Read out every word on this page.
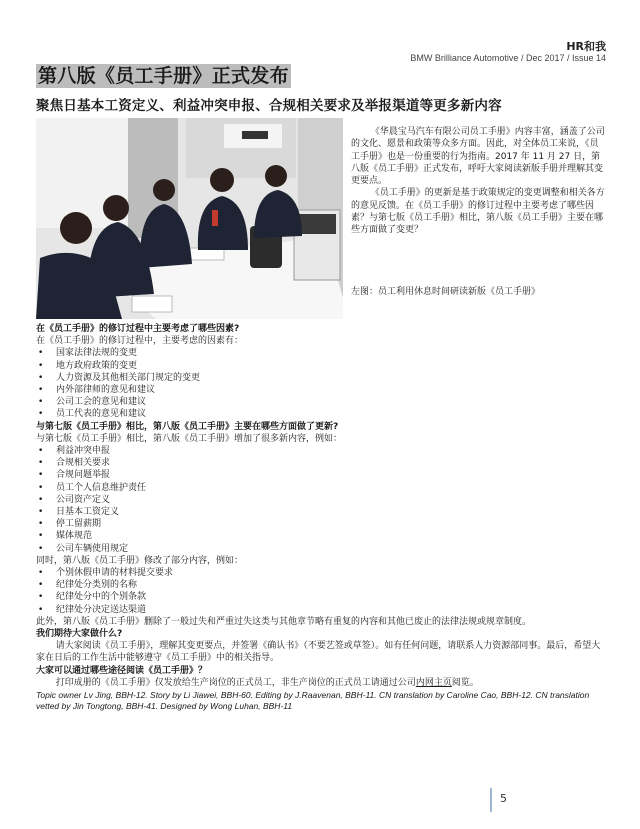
HR和我
BMW Brilliance Automotive / Dec 2017 / Issue 14
第八版《员工手册》正式发布
聚焦日基本工资定义、利益冲突申报、合规相关要求及举报渠道等更多新内容

《华晨宝马汽车有限公司员工手册》内容丰富，涵盖了公司的文化、愿景和政策等众多方面。因此，对全体员工来说，《员工手册》也是一份重要的行为指南。2017 年 11 月 27 日，第八版《员工手册》正式发布，呼吁大家阅读新版手册并理解其变更要点。

《员工手册》的更新是基于政策规定的变更调整和相关各方的意见反馈。在《员工手册》的修订过程中主要考虑了哪些因素？与第七版《员工手册》相比，第八版《员工手册》主要在哪些方面做了变更？

左图：员工利用休息时间研读新版《员工手册》
在《员工手册》的修订过程中主要考虑了哪些因素?
在《员工手册》的修订过程中，主要考虑的因素有：
• 国家法律法规的变更
• 地方政府政策的变更
• 人力资源及其他相关部门规定的变更
• 内外部律师的意见和建议
• 公司工会的意见和建议
• 员工代表的意见和建议
与第七版《员工手册》相比，第八版《员工手册》主要在哪些方面做了更新?
与第七版《员工手册》相比，第八版《员工手册》增加了很多新内容，例如：
• 利益冲突申报
• 合规相关要求
• 合规问题举报
• 员工个人信息维护责任
• 公司资产定义
• 日基本工资定义
• 停工留薪期
• 媒体规范
• 公司车辆使用规定
同时，第八版《员工手册》修改了部分内容，例如：
• 个别休假申请的材料提交要求
• 纪律处分类别的名称
• 纪律处分中的个别条款
• 纪律处分决定送达渠道
此外，第八版《员工手册》删除了一般过失和严重过失这类与其他章节略有重复的内容和其他已废止的法律法规或规章制度。
我们期待大家做什么?
请大家阅读《员工手册》，理解其变更要点，并签署《确认书》（不要艺签或草签）。如有任何问题，请联系人力资源部同事。最后，希望大家在日后的工作生活中能够遵守《员工手册》中的相关指导。
大家可以通过哪些途径阅读《员工手册》？
打印成册的《员工手册》仅发放给生产岗位的正式员工，非生产岗位的正式员工请通过公司内网主页阅览。
Topic owner Lv Jing, BBH-12. Story by Li Jiawei, BBH-60. Editing by J.Raavenan, BBH-11. CN translation by Caroline Cao, BBH-12. CN translation vetted by Jin Tongtong, BBH-41. Designed by Wong Luhan, BBH-11
5
